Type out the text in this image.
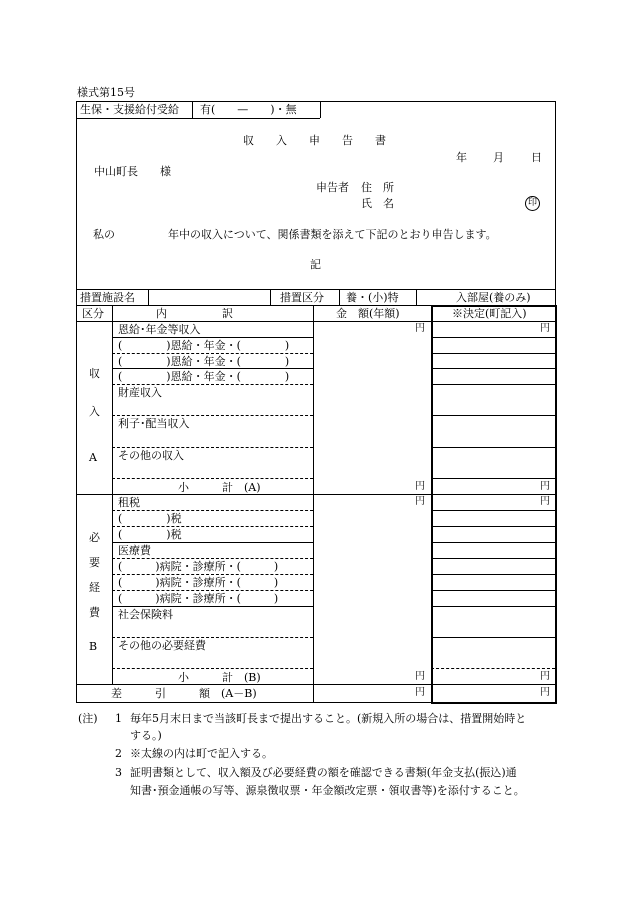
様式第15号
生保・支援給付受給 有(　　—　　)・無
収　　入　　申　　告　　書
年 月 日
中山町長　　様
申告者 住　所
氏　名	印
私の	年中の収入について、関係書類を添えて下記のとおり申告します。
記
措置施設名	措置区分 養・(小)特	入部屋(養のみ)
区分	内　　　　　訳	金　額(年額)	※決定(町記入)
収
入
A
恩給･年金等収入	円	円
(　　　　)恩給・年金・(　　　　)
(　　　　)恩給・年金・(　　　　)
(　　　　)恩給・年金・(　　　　)
財産収入
利子･配当収入
その他の収入
小　　　計　(A)	円	円
必
要
経
費
B
租税	円	円
(　　　　)税
(　　　　)税
医療費
(　　　)病院・診療所・(　　　)
(　　　)病院・診療所・(　　　)
(　　　)病院・診療所・(　　　)
社会保険料
その他の必要経費
小　　　計　(B)	円	円
差　　　引　　　額　(A－B)	円	円
(注) 1 毎年5月末日まで当該町長まで提出すること。(新規入所の場合は、措置開始時と
する。)
2 ※太線の内は町で記入する。
3 証明書類として、収入額及び必要経費の額を確認できる書類(年金支払(振込)通
知書･預金通帳の写等、源泉徴収票・年金額改定票・領収書等)を添付すること。
